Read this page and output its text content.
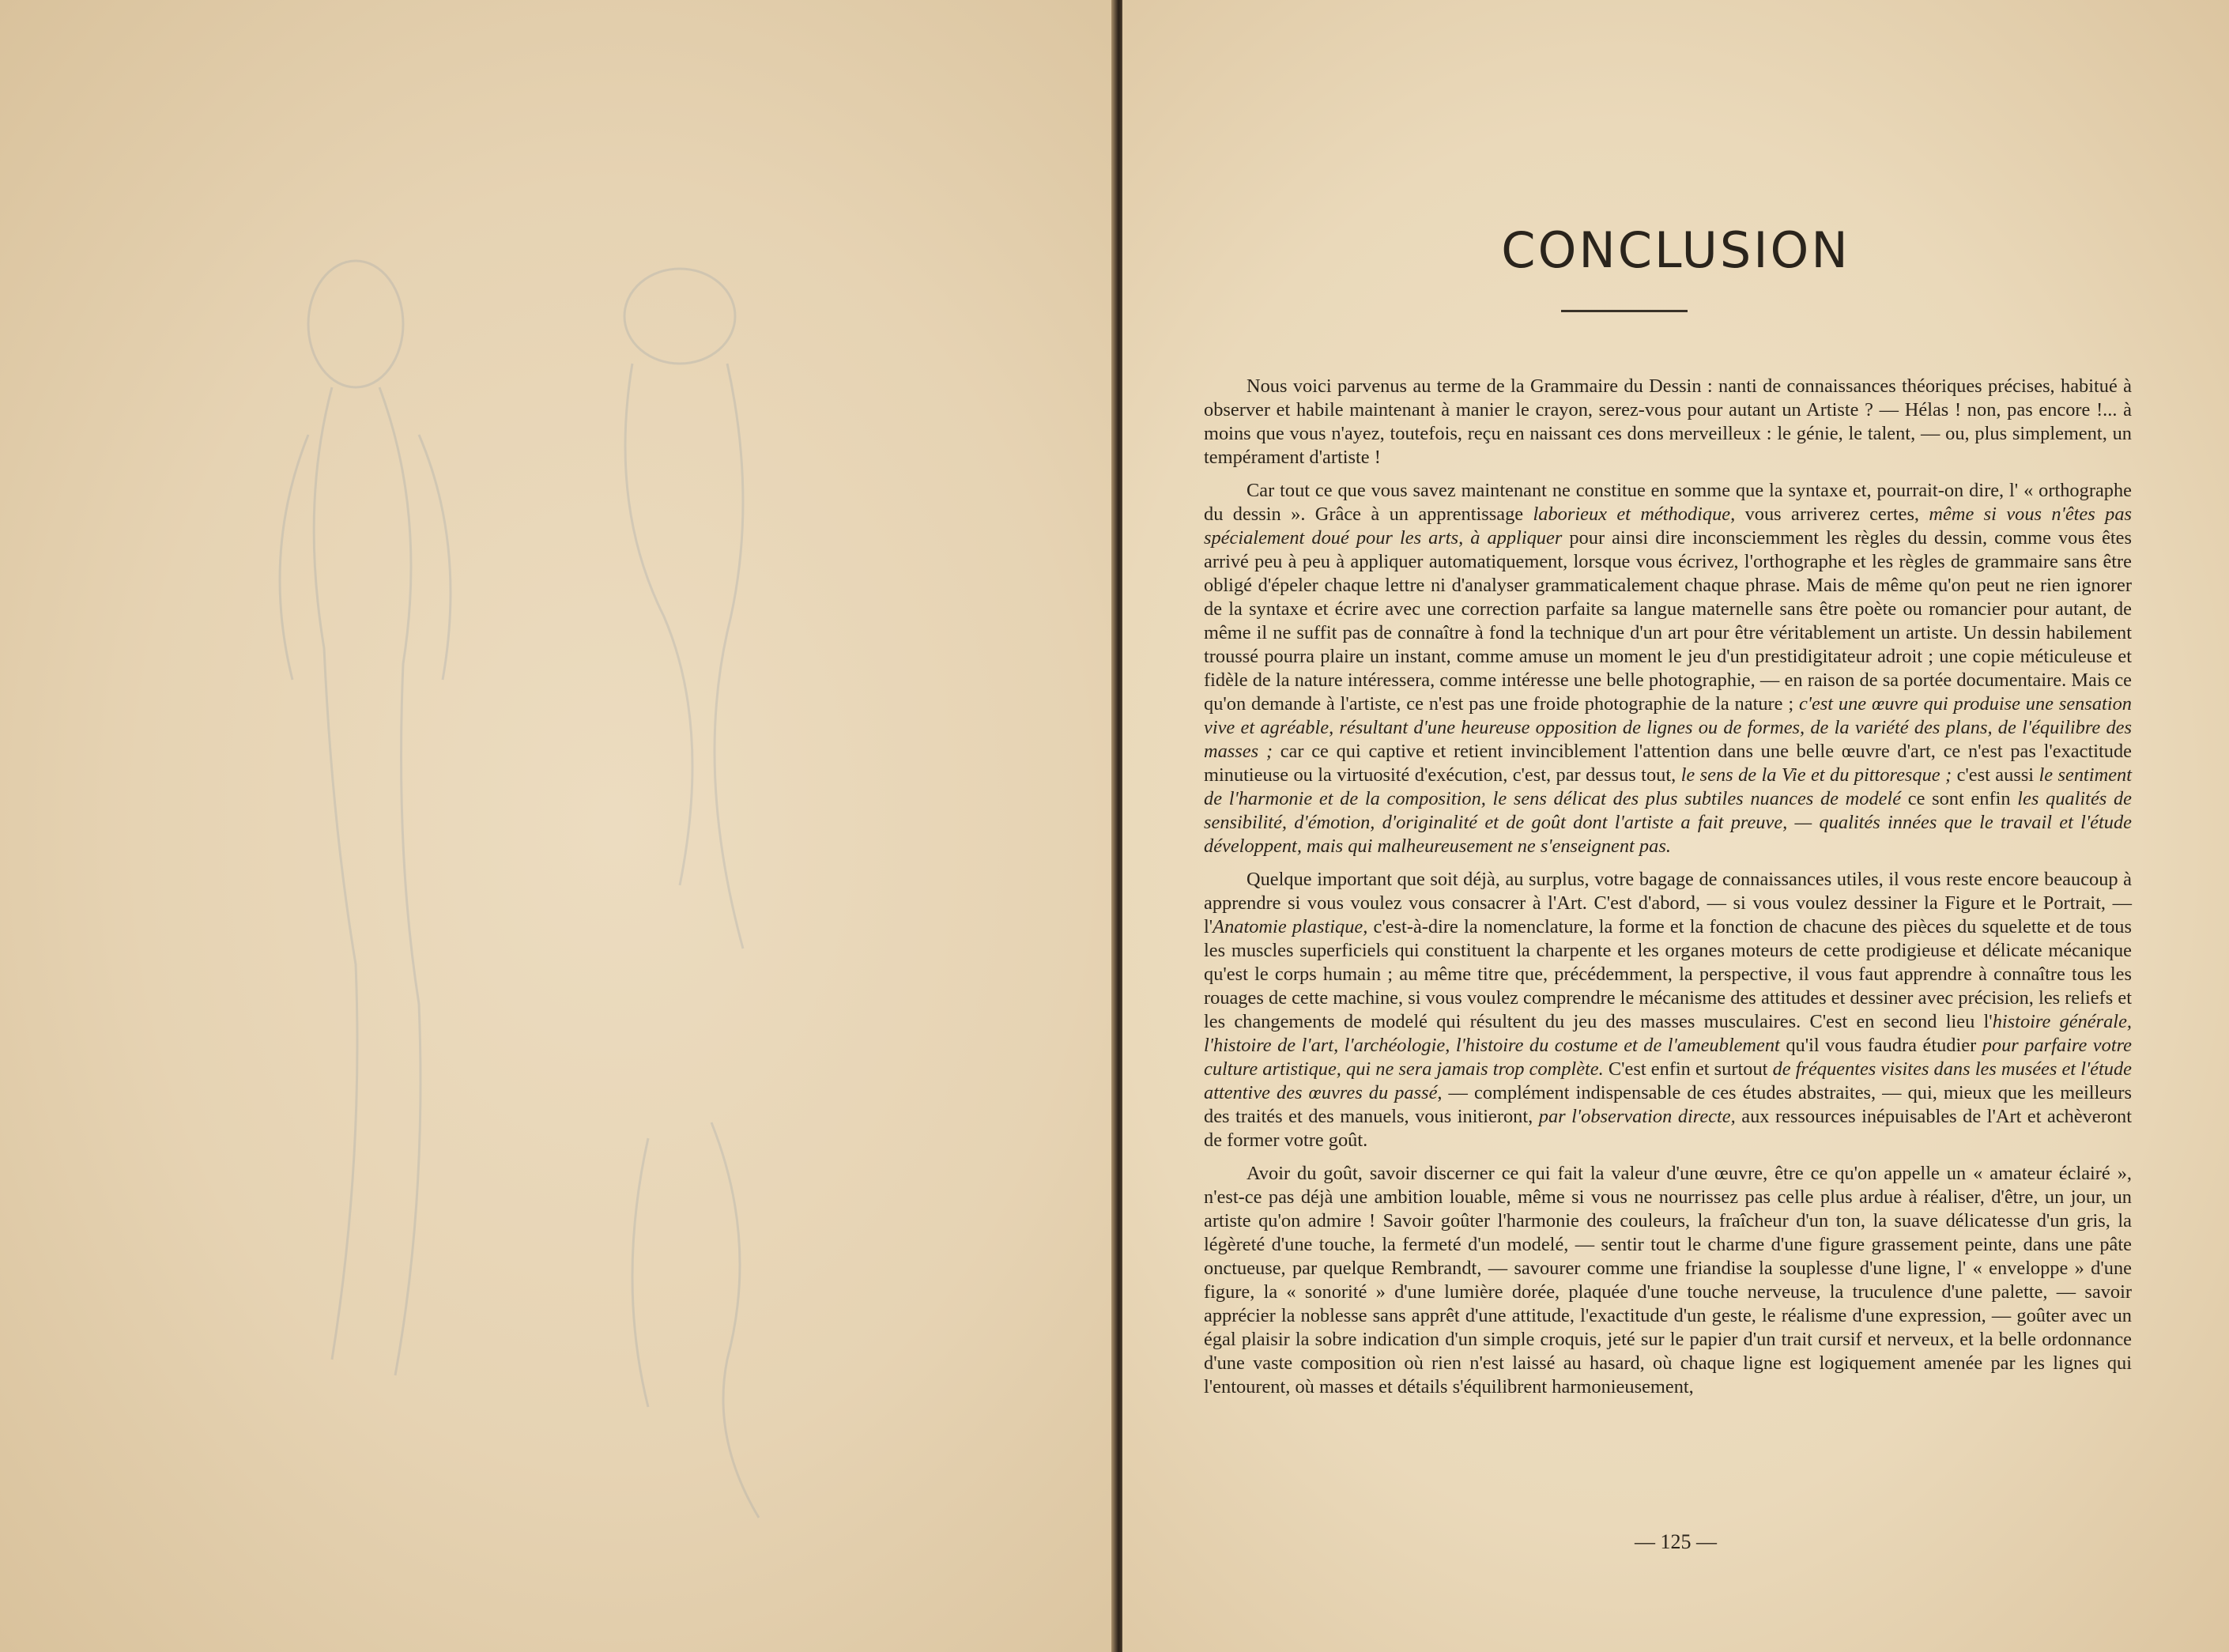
CONCLUSION

Nous voici parvenus au terme de la Grammaire du Dessin : nanti de connaissances théoriques précises, habitué à observer et habile maintenant à manier le crayon, serez-vous pour autant un Artiste ? — Hélas ! non, pas encore !... à moins que vous n'ayez, toutefois, reçu en naissant ces dons merveilleux : le génie, le talent, — ou, plus simplement, un tempérament d'artiste !

Car tout ce que vous savez maintenant ne constitue en somme que la syntaxe et, pourrait-on dire, l' « orthographe du dessin ». Grâce à un apprentissage laborieux et méthodique, vous arriverez certes, même si vous n'êtes pas spécialement doué pour les arts, à appliquer pour ainsi dire inconsciemment les règles du dessin, comme vous êtes arrivé peu à peu à appliquer automatiquement, lorsque vous écrivez, l'orthographe et les règles de grammaire sans être obligé d'épeler chaque lettre ni d'analyser grammaticalement chaque phrase. Mais de même qu'on peut ne rien ignorer de la syntaxe et écrire avec une correction parfaite sa langue maternelle sans être poète ou romancier pour autant, de même il ne suffit pas de connaître à fond la technique d'un art pour être véritablement un artiste. Un dessin habilement troussé pourra plaire un instant, comme amuse un moment le jeu d'un prestidigitateur adroit ; une copie méticuleuse et fidèle de la nature intéressera, comme intéresse une belle photographie, — en raison de sa portée documentaire. Mais ce qu'on demande à l'artiste, ce n'est pas une froide photographie de la nature ; c'est une œuvre qui produise une sensation vive et agréable, résultant d'une heureuse opposition de lignes ou de formes, de la variété des plans, de l'équilibre des masses ; car ce qui captive et retient invinciblement l'attention dans une belle œuvre d'art, ce n'est pas l'exactitude minutieuse ou la virtuosité d'exécution, c'est, par dessus tout, le sens de la Vie et du pittoresque ; c'est aussi le sentiment de l'harmonie et de la composition, le sens délicat des plus subtiles nuances de modelé ce sont enfin les qualités de sensibilité, d'émotion, d'originalité et de goût dont l'artiste a fait preuve, — qualités innées que le travail et l'étude développent, mais qui malheureusement ne s'enseignent pas.

Quelque important que soit déjà, au surplus, votre bagage de connaissances utiles, il vous reste encore beaucoup à apprendre si vous voulez vous consacrer à l'Art. C'est d'abord, — si vous voulez dessiner la Figure et le Portrait, — l'Anatomie plastique, c'est-à-dire la nomenclature, la forme et la fonction de chacune des pièces du squelette et de tous les muscles superficiels qui constituent la charpente et les organes moteurs de cette prodigieuse et délicate mécanique qu'est le corps humain ; au même titre que, précédemment, la perspective, il vous faut apprendre à connaître tous les rouages de cette machine, si vous voulez comprendre le mécanisme des attitudes et dessiner avec précision, les reliefs et les changements de modelé qui résultent du jeu des masses musculaires. C'est en second lieu l'histoire générale, l'histoire de l'art, l'archéologie, l'histoire du costume et de l'ameublement qu'il vous faudra étudier pour parfaire votre culture artistique, qui ne sera jamais trop complète. C'est enfin et surtout de fréquentes visites dans les musées et l'étude attentive des œuvres du passé, — complément indispensable de ces études abstraites, — qui, mieux que les meilleurs des traités et des manuels, vous initieront, par l'observation directe, aux ressources inépuisables de l'Art et achèveront de former votre goût.

Avoir du goût, savoir discerner ce qui fait la valeur d'une œuvre, être ce qu'on appelle un « amateur éclairé », n'est-ce pas déjà une ambition louable, même si vous ne nourrissez pas celle plus ardue à réaliser, d'être, un jour, un artiste qu'on admire ! Savoir goûter l'harmonie des couleurs, la fraîcheur d'un ton, la suave délicatesse d'un gris, la légèreté d'une touche, la fermeté d'un modelé, — sentir tout le charme d'une figure grassement peinte, dans une pâte onctueuse, par quelque Rembrandt, — savourer comme une friandise la souplesse d'une ligne, l' « enveloppe » d'une figure, la « sonorité » d'une lumière dorée, plaquée d'une touche nerveuse, la truculence d'une palette, — savoir apprécier la noblesse sans apprêt d'une attitude, l'exactitude d'un geste, le réalisme d'une expression, — goûter avec un égal plaisir la sobre indication d'un simple croquis, jeté sur le papier d'un trait cursif et nerveux, et la belle ordonnance d'une vaste composition où rien n'est laissé au hasard, où chaque ligne est logiquement amenée par les lignes qui l'entourent, où masses et détails s'équilibrent harmonieusement,

— 125 —
